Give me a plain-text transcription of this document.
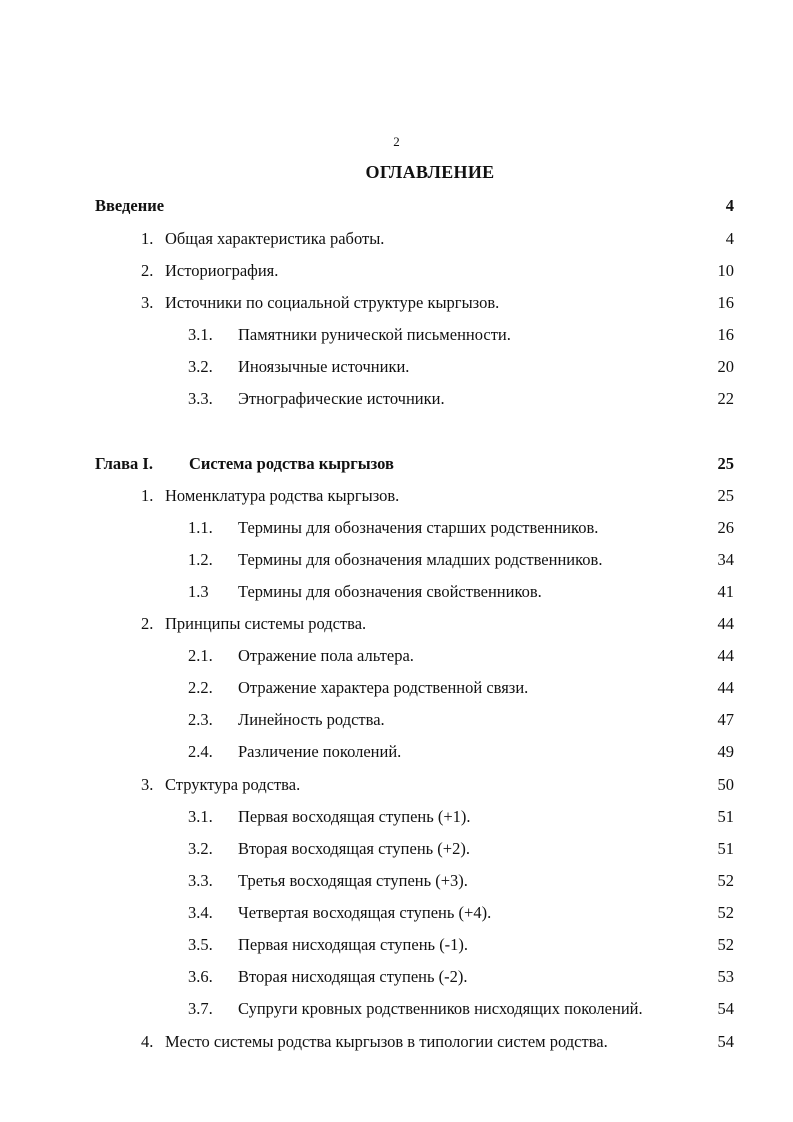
2
ОГЛАВЛЕНИЕ
Введение	4
1. Общая характеристика работы.	4
2. Историография.	10
3. Источники по социальной структуре кыргызов.	16
3.1. Памятники рунической письменности.	16
3.2. Иноязычные источники.	20
3.3. Этнографические источники.	22
Глава I. Система родства кыргызов	25
1. Номенклатура родства кыргызов.	25
1.1. Термины для обозначения старших родственников.	26
1.2. Термины для обозначения младших родственников.	34
1.3 Термины для обозначения свойственников.	41
2. Принципы системы родства.	44
2.1. Отражение пола альтера.	44
2.2. Отражение характера родственной связи.	44
2.3. Линейность родства.	47
2.4. Различение поколений.	49
3. Структура родства.	50
3.1. Первая восходящая ступень (+1).	51
3.2. Вторая восходящая ступень (+2).	51
3.3. Третья восходящая ступень (+3).	52
3.4. Четвертая восходящая ступень (+4).	52
3.5. Первая нисходящая ступень (-1).	52
3.6. Вторая нисходящая ступень (-2).	53
3.7. Супруги кровных родственников нисходящих поколений.	54
4. Место системы родства кыргызов в типологии систем родства.	54
